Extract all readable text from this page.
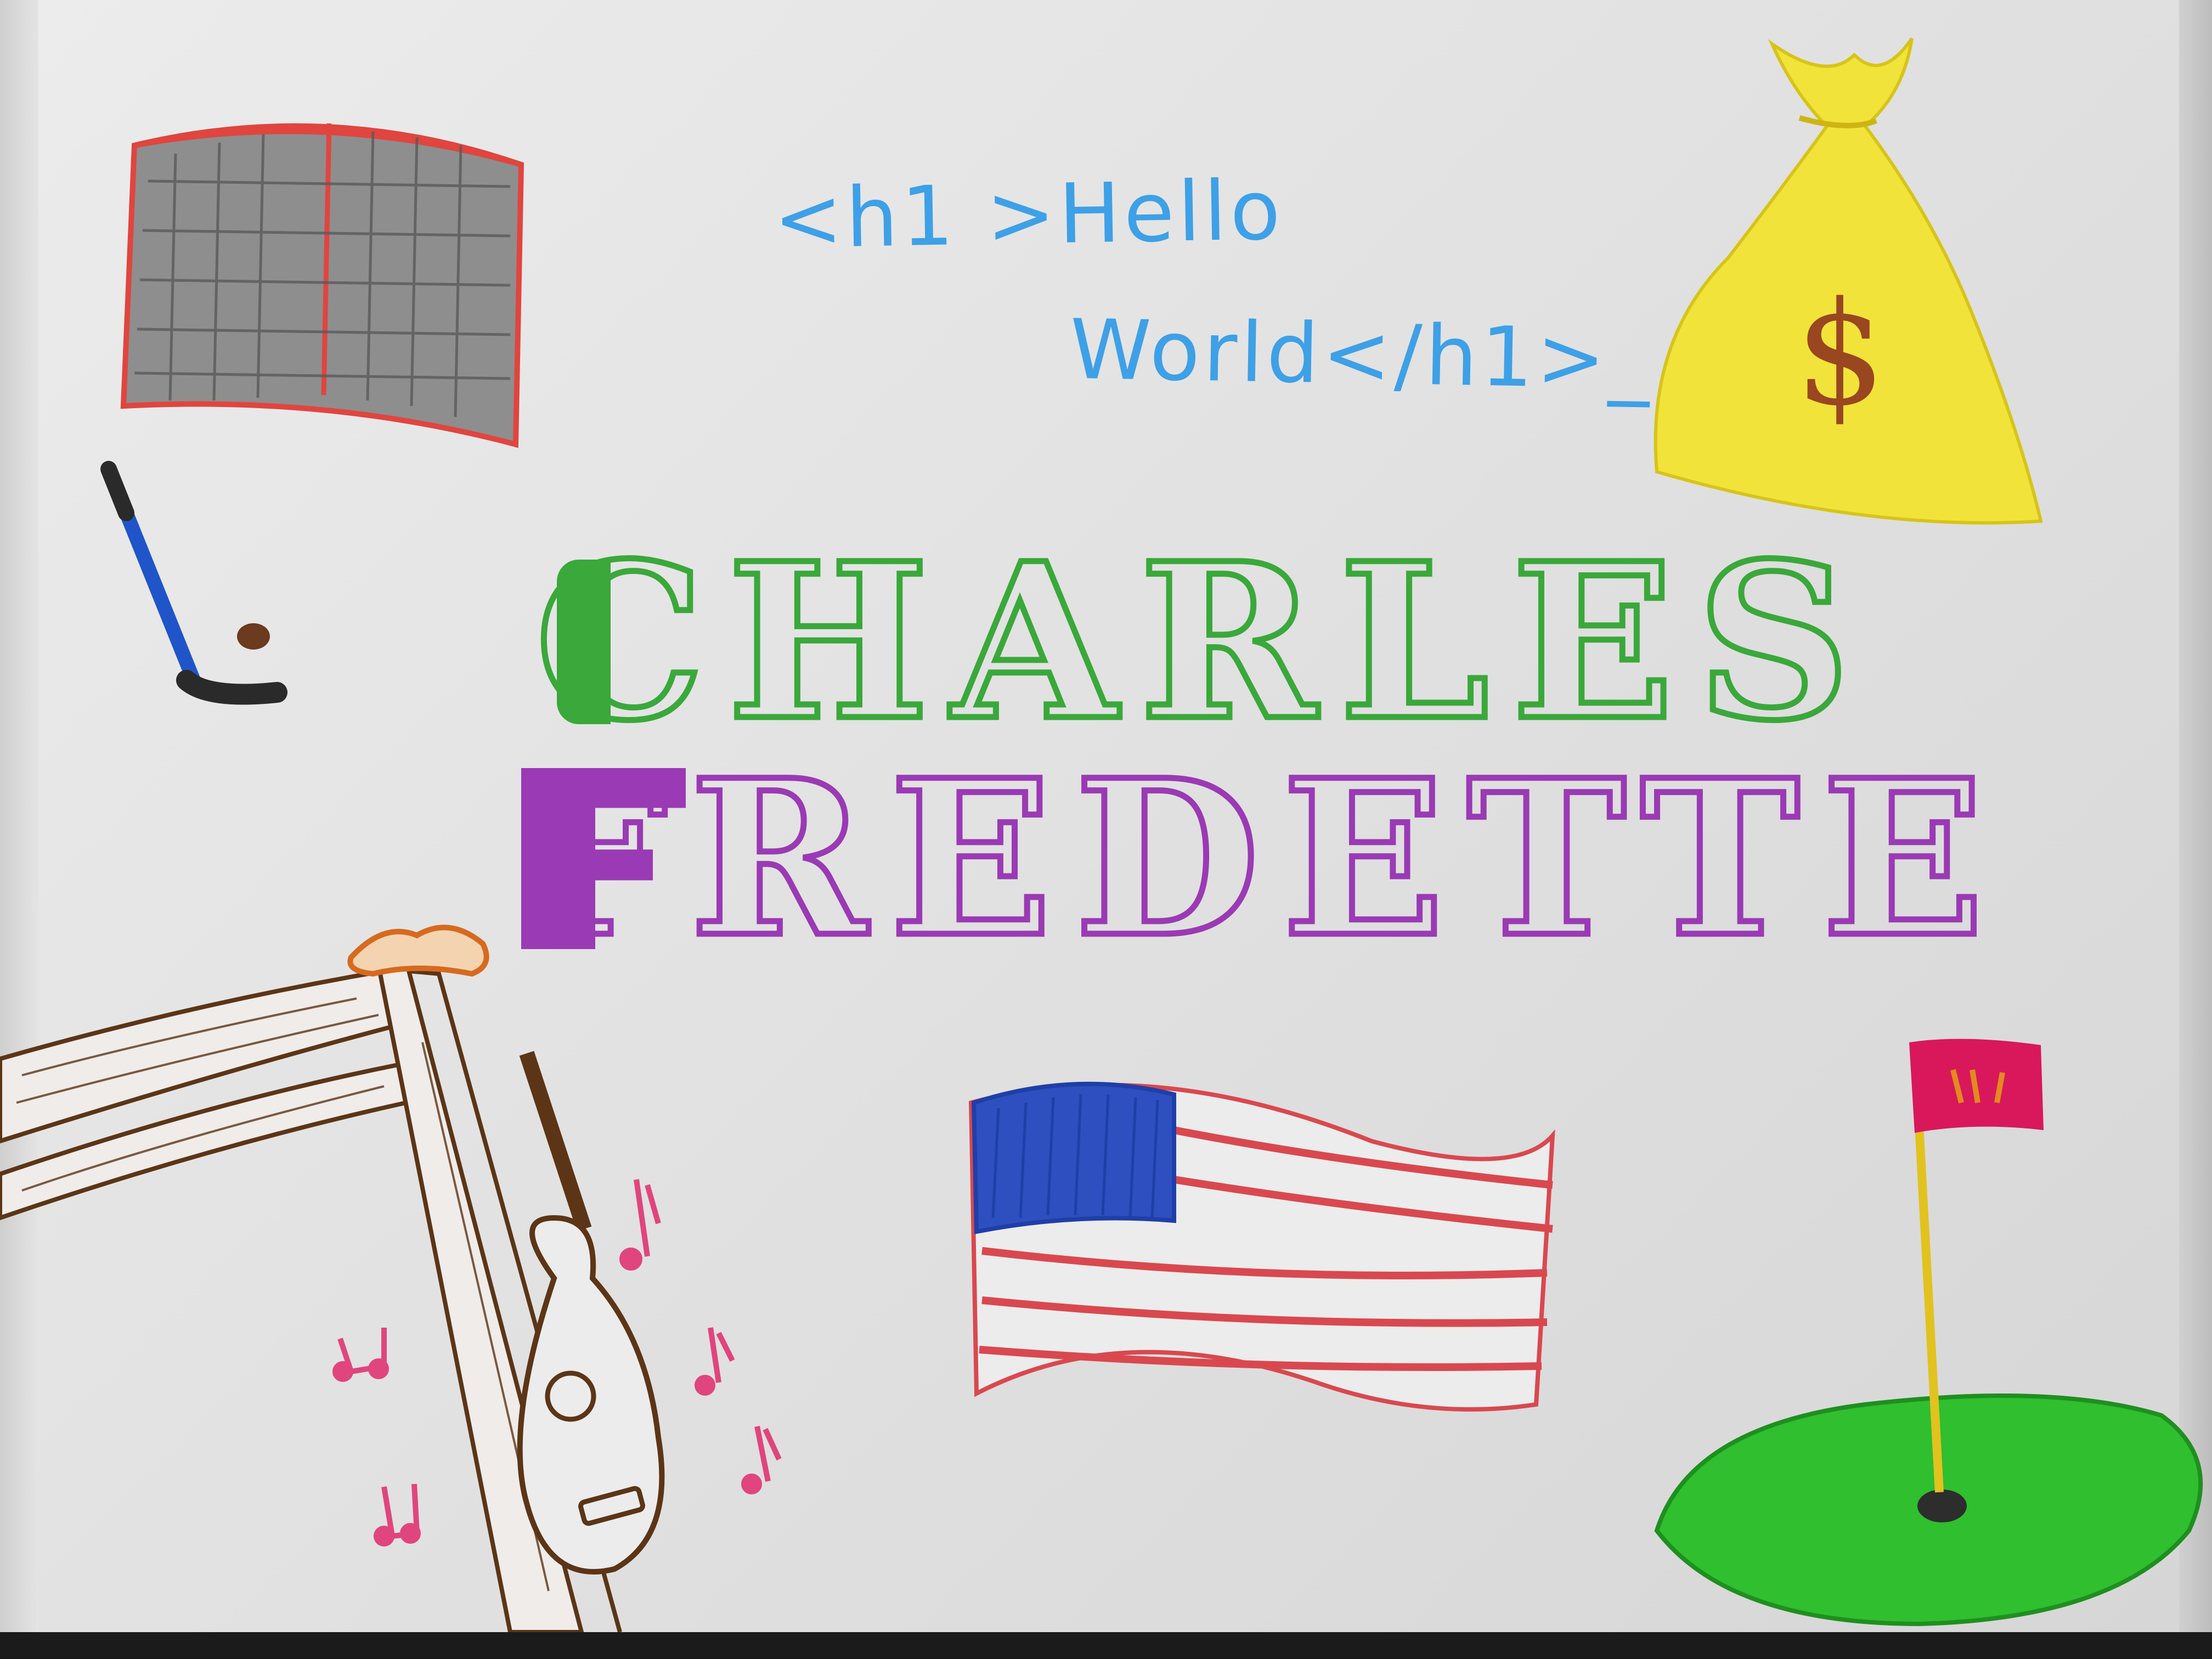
$

<h1 >Hello

World</h1>_

CHARLES

FREDETTE
